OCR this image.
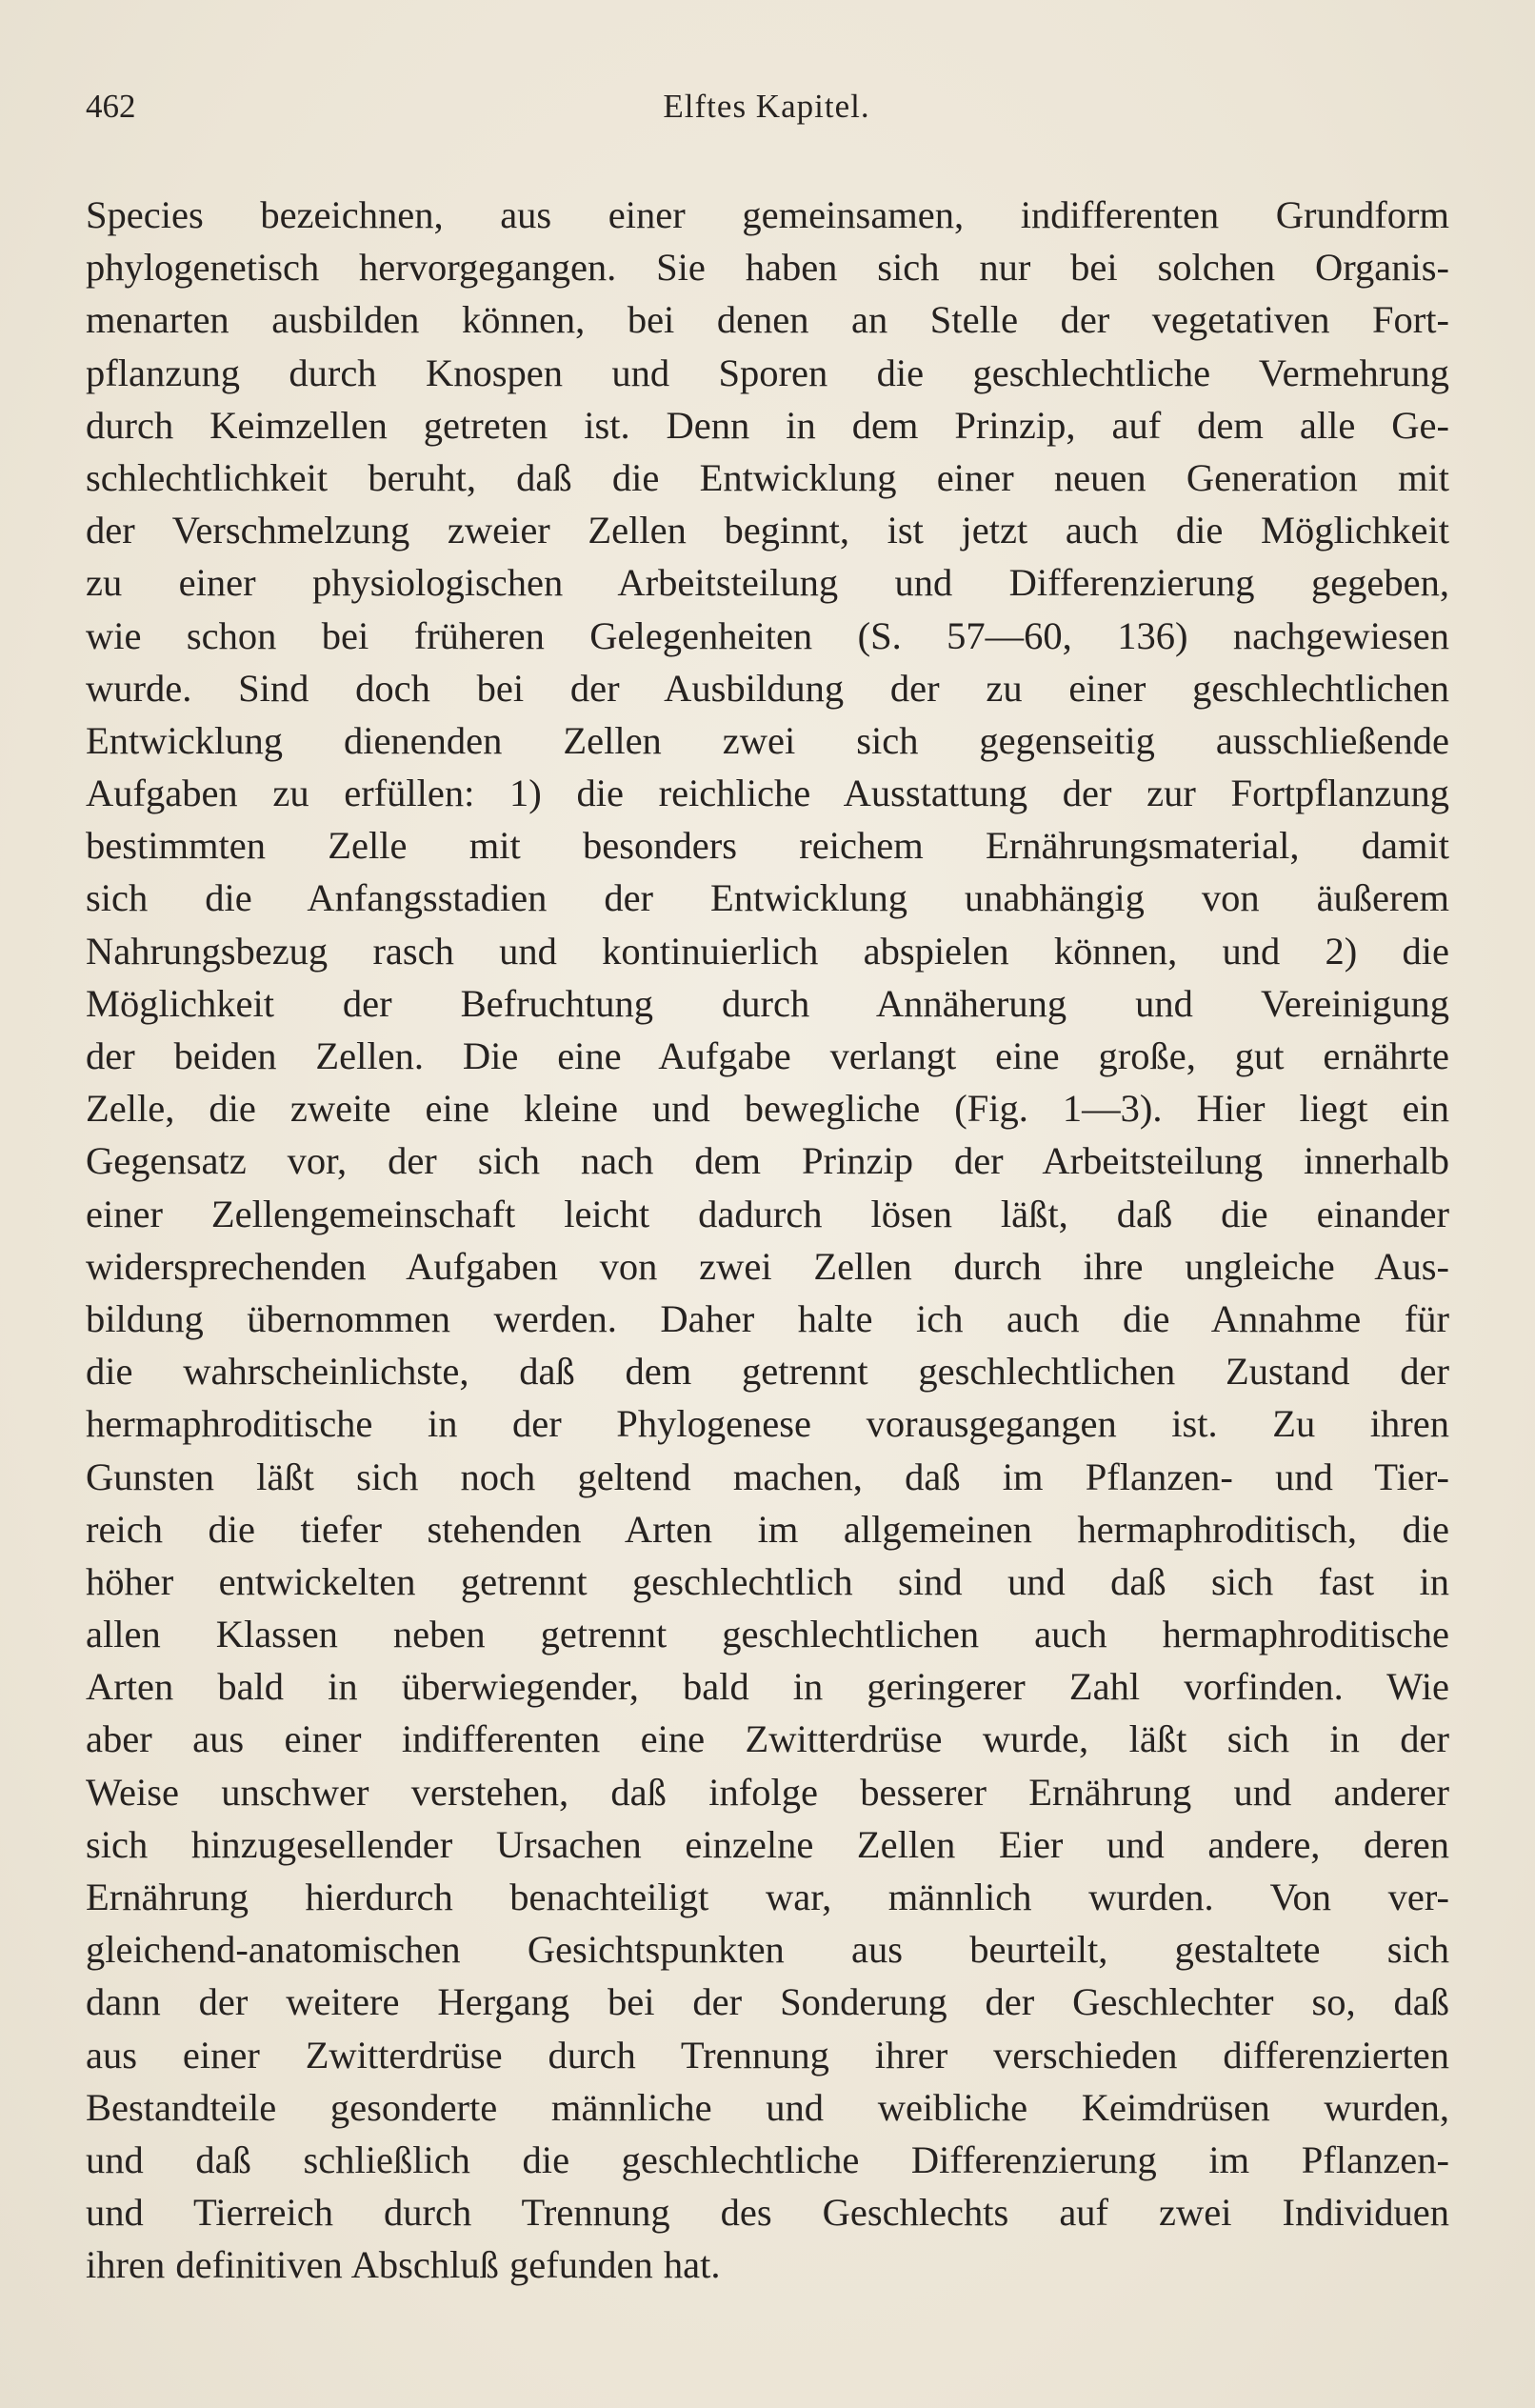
462	Elftes Kapitel.
Species bezeichnen, aus einer gemeinsamen, indifferenten Grundform
phylogenetisch hervorgegangen. Sie haben sich nur bei solchen Organis-
menarten ausbilden können, bei denen an Stelle der vegetativen Fort-
pflanzung durch Knospen und Sporen die geschlechtliche Vermehrung
durch Keimzellen getreten ist. Denn in dem Prinzip, auf dem alle Ge-
schlechtlichkeit beruht, daß die Entwicklung einer neuen Generation mit
der Verschmelzung zweier Zellen beginnt, ist jetzt auch die Möglichkeit
zu einer physiologischen Arbeitsteilung und Differenzierung gegeben,
wie schon bei früheren Gelegenheiten (S. 57—60, 136) nachgewiesen
wurde. Sind doch bei der Ausbildung der zu einer geschlechtlichen
Entwicklung dienenden Zellen zwei sich gegenseitig ausschließende
Aufgaben zu erfüllen: 1) die reichliche Ausstattung der zur Fortpflanzung
bestimmten Zelle mit besonders reichem Ernährungsmaterial, damit
sich die Anfangsstadien der Entwicklung unabhängig von äußerem
Nahrungsbezug rasch und kontinuierlich abspielen können, und 2) die
Möglichkeit der Befruchtung durch Annäherung und Vereinigung
der beiden Zellen. Die eine Aufgabe verlangt eine große, gut ernährte
Zelle, die zweite eine kleine und bewegliche (Fig. 1—3). Hier liegt ein
Gegensatz vor, der sich nach dem Prinzip der Arbeitsteilung innerhalb
einer Zellengemeinschaft leicht dadurch lösen läßt, daß die einander
widersprechenden Aufgaben von zwei Zellen durch ihre ungleiche Aus-
bildung übernommen werden. Daher halte ich auch die Annahme für
die wahrscheinlichste, daß dem getrennt geschlechtlichen Zustand der
hermaphroditische in der Phylogenese vorausgegangen ist. Zu ihren
Gunsten läßt sich noch geltend machen, daß im Pflanzen- und Tier-
reich die tiefer stehenden Arten im allgemeinen hermaphroditisch, die
höher entwickelten getrennt geschlechtlich sind und daß sich fast in
allen Klassen neben getrennt geschlechtlichen auch hermaphroditische
Arten bald in überwiegender, bald in geringerer Zahl vorfinden. Wie
aber aus einer indifferenten eine Zwitterdrüse wurde, läßt sich in der
Weise unschwer verstehen, daß infolge besserer Ernährung und anderer
sich hinzugesellender Ursachen einzelne Zellen Eier und andere, deren
Ernährung hierdurch benachteiligt war, männlich wurden. Von ver-
gleichend-anatomischen Gesichtspunkten aus beurteilt, gestaltete sich
dann der weitere Hergang bei der Sonderung der Geschlechter so, daß
aus einer Zwitterdrüse durch Trennung ihrer verschieden differenzierten
Bestandteile gesonderte männliche und weibliche Keimdrüsen wurden,
und daß schließlich die geschlechtliche Differenzierung im Pflanzen-
und Tierreich durch Trennung des Geschlechts auf zwei Individuen
ihren definitiven Abschluß gefunden hat.
